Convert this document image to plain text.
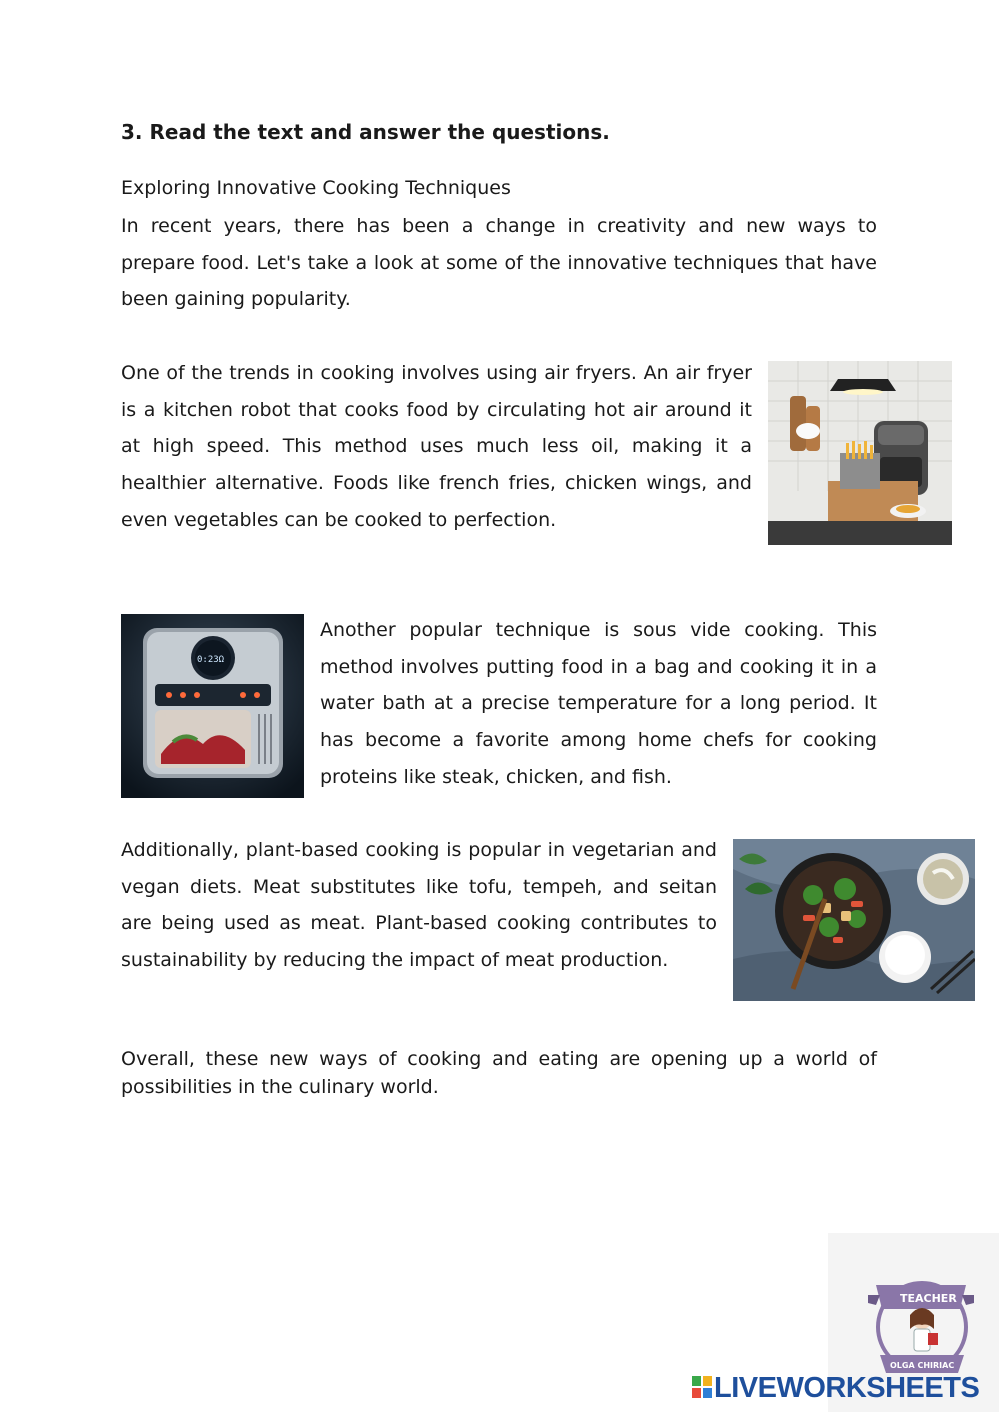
3. Read the text and answer the questions.
Exploring Innovative Cooking Techniques

In recent years, there has been a change in creativity and new ways to prepare food. Let's take a look at some of the innovative techniques that have been gaining popularity.

One of the trends in cooking involves using air fryers. An air fryer is a kitchen robot that cooks food by circulating hot air around it at high speed. This method uses much less oil, making it a healthier alternative. Foods like french fries, chicken wings, and even vegetables can be cooked to perfection.

Another popular technique is sous vide cooking. This method involves putting food in a bag and cooking it in a water bath at a precise temperature for a long period. It has become a favorite among home chefs for cooking proteins like steak, chicken, and fish.

Additionally, plant-based cooking is popular in vegetarian and vegan diets. Meat substitutes like tofu, tempeh, and seitan are being used as meat. Plant-based cooking contributes to sustainability by reducing the impact of meat production.

Overall, these new ways of cooking and eating are opening up a world of possibilities in the culinary world.

0:23Ω
TEACHER
OLGA CHIRIAC
LIVEWORKSHEETS
